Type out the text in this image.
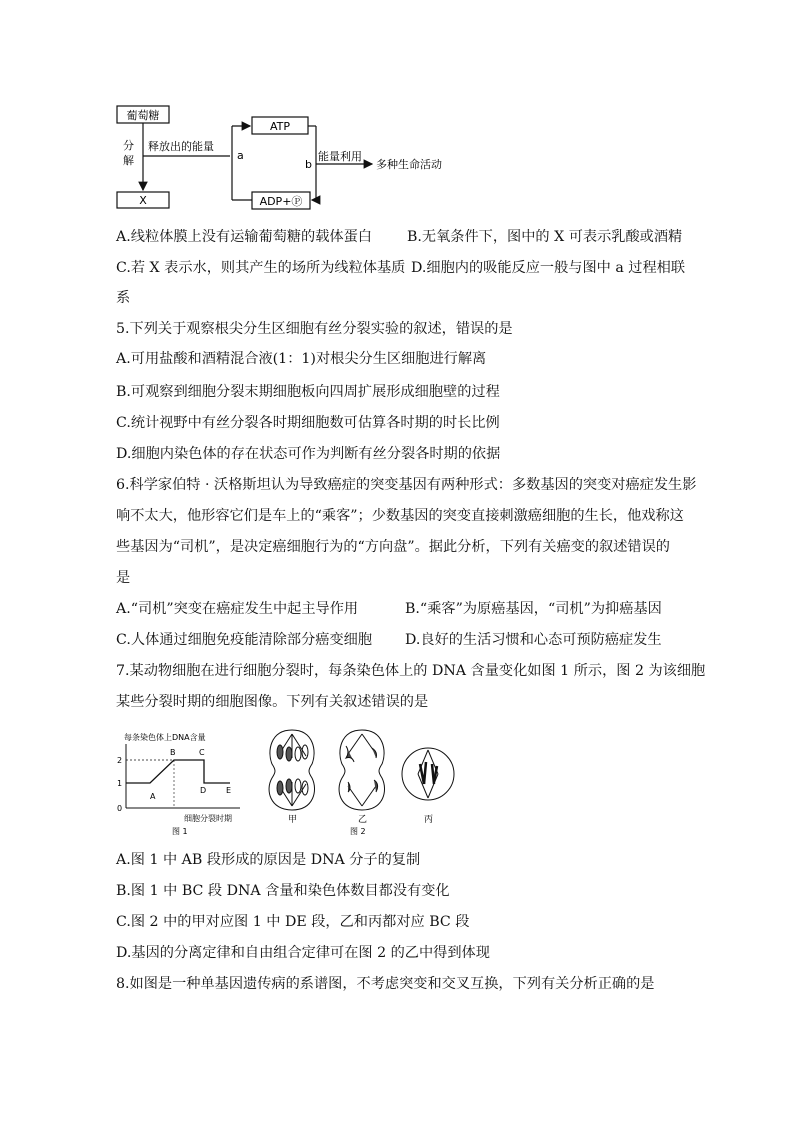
葡萄糖
分
解
释放出的能量
X
a
ATP
ADP+Ⓟ
b
能量利用
多种生命活动
A.线粒体膜上没有运输葡萄糖的载体蛋白 B.无氧条件下，图中的 X 可表示乳酸或酒精
C.若 X 表示水，则其产生的场所为线粒体基质 D.细胞内的吸能反应一般与图中 a 过程相联
系
5.下列关于观察根尖分生区细胞有丝分裂实验的叙述，错误的是
A.可用盐酸和酒精混合液(1：1)对根尖分生区细胞进行解离
B.可观察到细胞分裂末期细胞板向四周扩展形成细胞壁的过程
C.统计视野中有丝分裂各时期细胞数可估算各时期的时长比例
D.细胞内染色体的存在状态可作为判断有丝分裂各时期的依据
6.科学家伯特 · 沃格斯坦认为导致癌症的突变基因有两种形式：多数基因的突变对癌症发生影
响不太大，他形容它们是车上的“乘客”；少数基因的突变直接刺激癌细胞的生长，他戏称这
些基因为“司机”，是决定癌细胞行为的“方向盘”。据此分析，下列有关癌变的叙述错误的
是
A.“司机”突变在癌症发生中起主导作用	B.“乘客”为原癌基因，“司机”为抑癌基因
C.人体通过细胞免疫能清除部分癌变细胞 D.良好的生活习惯和心态可预防癌症发生
7.某动物细胞在进行细胞分裂时，每条染色体上的 DNA 含量变化如图 1 所示，图 2 为该细胞
某些分裂时期的细胞图像。下列有关叙述错误的是
每条染色体上DNA含量
2
1
0
A
B	C
D E
细胞分裂时期
图 1
甲	乙	丙
图 2
A.图 1 中 AB 段形成的原因是 DNA 分子的复制
B.图 1 中 BC 段 DNA 含量和染色体数目都没有变化
C.图 2 中的甲对应图 1 中 DE 段，乙和丙都对应 BC 段
D.基因的分离定律和自由组合定律可在图 2 的乙中得到体现
8.如图是一种单基因遗传病的系谱图，不考虑突变和交叉互换，下列有关分析正确的是
